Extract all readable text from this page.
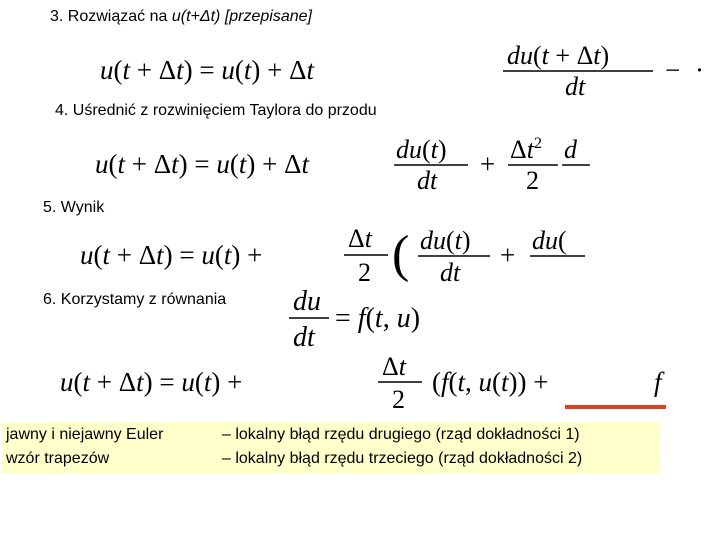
3. Rozwiązać na u(t+Δt) [przepisane]
u(t + Δt) = u(t) + Δt	du(t + Δt)
dt
− ·
4. Uśrednić z rozwinięciem Taylora do przodu
u(t + Δt) = u(t) + Δt	du(t)
dt
+ $\Delta t^2$
2
d
5. Wynik
u(t + Δt) = u(t) +
Δt
2 ( du(t)
dt
+ du(
6. Korzystamy z równania du
dt
= f(t, u)
u(t + Δt) = u(t) +
Δt
2
(f(t, u(t)) +	f
jawny i niejawny Euler	– lokalny błąd rzędu drugiego (rząd dokładności 1)
wzór trapezów	– lokalny błąd rzędu trzeciego (rząd dokładności 2)
